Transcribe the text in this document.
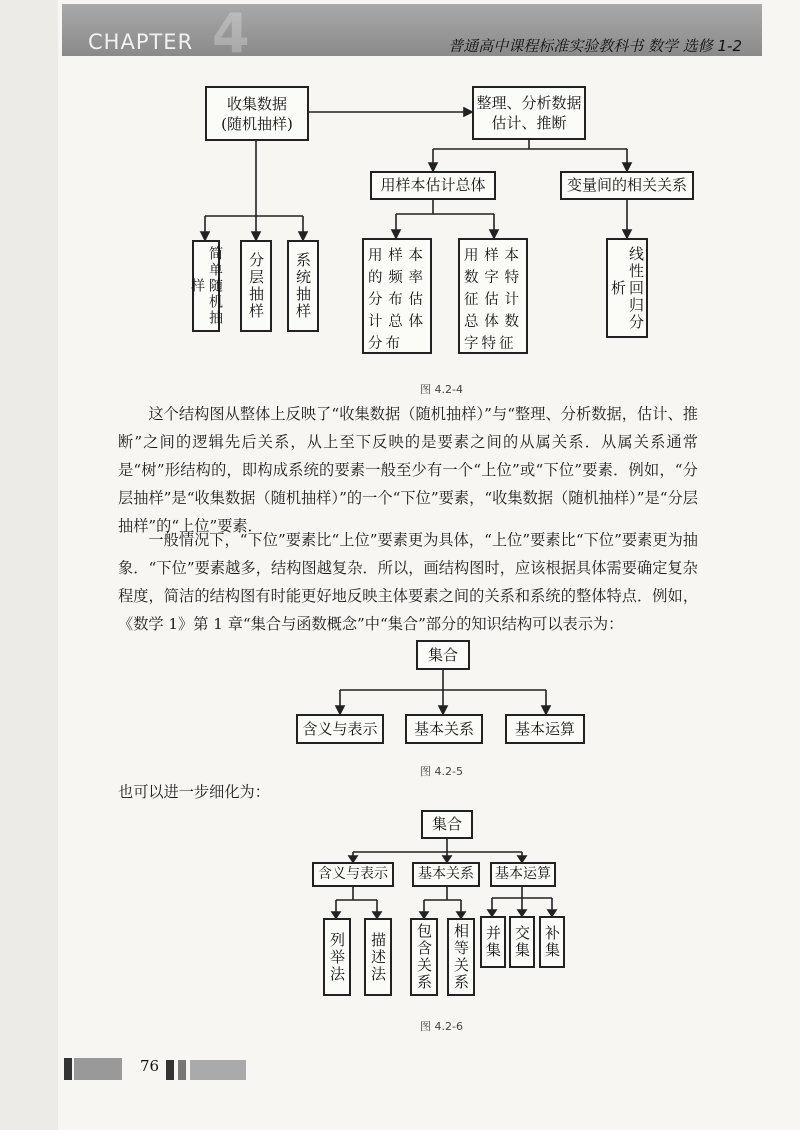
4
CHAPTER	普通高中课程标准实验教科书 数学 选修 1-2
收集数据
(随机抽样)
整理、分析数据
估计、推断
用样本估计总体	变量间的相关关系
简单随机抽样	分层抽样 系统抽样	用样本的频率分布估计总体分布
用样本数字特征估计总体数字特征
线性回归分析
图 4.2-4
这个结构图从整体上反映了“收集数据（随机抽样）”与“整理、分析数据，估计、推断”之间的逻辑先后关系，从上至下反映的是要素之间的从属关系．从属关系通常是“树”形结构的，即构成系统的要素一般至少有一个“上位”或“下位”要素．例如，“分层抽样”是“收集数据（随机抽样）”的一个“下位”要素，“收集数据（随机抽样）”是“分层抽样”的“上位”要素．
一般情况下，“下位”要素比“上位”要素更为具体，“上位”要素比“下位”要素更为抽象．“下位”要素越多，结构图越复杂．所以，画结构图时，应该根据具体需要确定复杂程度，简洁的结构图有时能更好地反映主体要素之间的关系和系统的整体特点．例如，《数学 1》第 1 章“集合与函数概念”中“集合”部分的知识结构可以表示为：
集合
含义与表示	基本关系	基本运算
图 4.2-5
也可以进一步细化为：
集合
含义与表示	基本关系	基本运算
列举法 描述法 包含关系 相等关系 并集 交集 补集
图 4.2-6
76
